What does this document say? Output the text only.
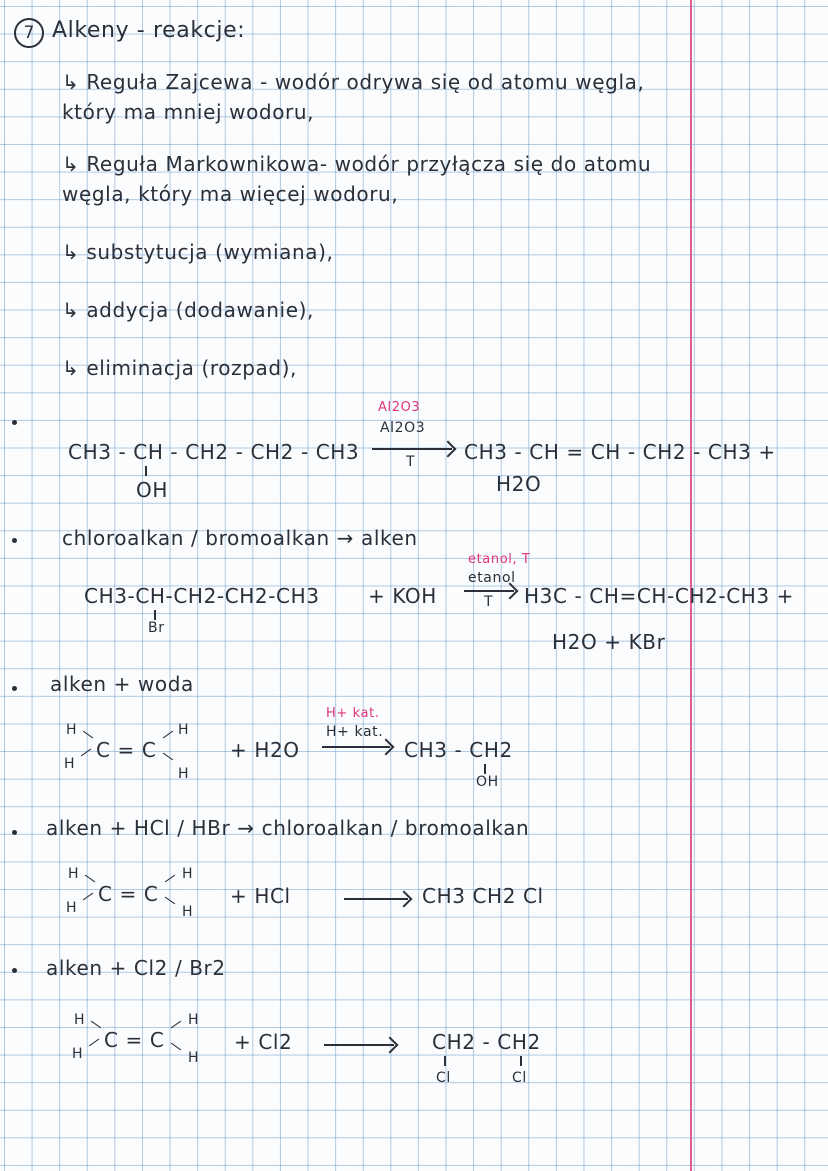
7 Alkeny - reakcje:
↳ Reguła Zajcewa - wodór odrywa się od atomu węgla,
który ma mniej wodoru,
↳ Reguła Markownikowa- wodór przyłącza się do atomu
węgla, który ma więcej wodoru,
↳ substytucja (wymiana),
↳ addycja (dodawanie),
↳ eliminacja (rozpad),
CH3 - CH - CH2 - CH2 - CH3
OH
Al2O3
Al2O3
T CH3 - CH = CH - CH2 - CH3 +
H2O
chloroalkan / bromoalkan → alken
CH3-CH-CH2-CH2-CH3
Br
+ KOH
etanol, T
etanol
T H3C - CH=CH-CH2-CH3 +
H2O + KBr
alken + woda
H
H
C = C
H
H
+ H2O
H+ kat.
H+ kat.
CH3 - CH2
OH
alken + HCl / HBr → chloroalkan / bromoalkan
H
H
C = C
H
H
+ HCl	CH3 CH2 Cl
alken + Cl2 / Br2
H
H
C = C
H
H
+ Cl2	CH2 - CH2
Cl	Cl
